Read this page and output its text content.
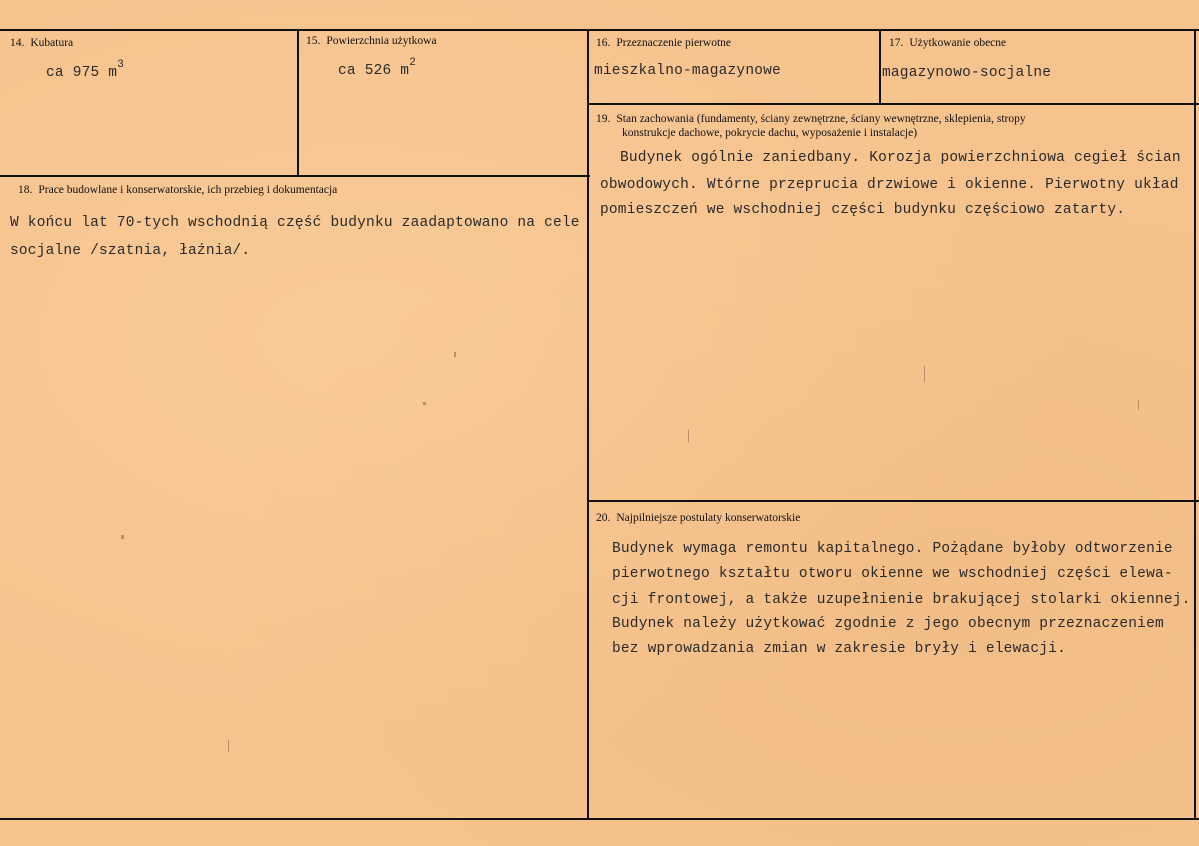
14. Kubatura
ca 975 $m^3$
15. Powierzchnia użytkowa
ca 526 $m^2$
16. Przeznaczenie pierwotne
mieszkalno-magazynowe
17. Użytkowanie obecne
magazynowo-socjalne
18. Prace budowlane i konserwatorskie, ich przebieg i dokumentacja
W końcu lat 70-tych wschodnią część budynku zaadaptowano na cele
socjalne /szatnia, łaźnia/.
19. Stan zachowania (fundamenty, ściany zewnętrzne, ściany wewnętrzne, sklepienia, stropy
konstrukcje dachowe, pokrycie dachu, wyposażenie i instalacje)
Budynek ogólnie zaniedbany. Korozja powierzchniowa cegieł ścian
obwodowych. Wtórne przeprucia drzwiowe i okienne. Pierwotny układ
pomieszczeń we wschodniej części budynku częściowo zatarty.
20. Najpilniejsze postulaty konserwatorskie
Budynek wymaga remontu kapitalnego. Pożądane byłoby odtworzenie
pierwotnego kształtu otworu okienne we wschodniej części elewa-
cji frontowej, a także uzupełnienie brakującej stolarki okiennej.
Budynek należy użytkować zgodnie z jego obecnym przeznaczeniem
bez wprowadzania zmian w zakresie bryły i elewacji.
